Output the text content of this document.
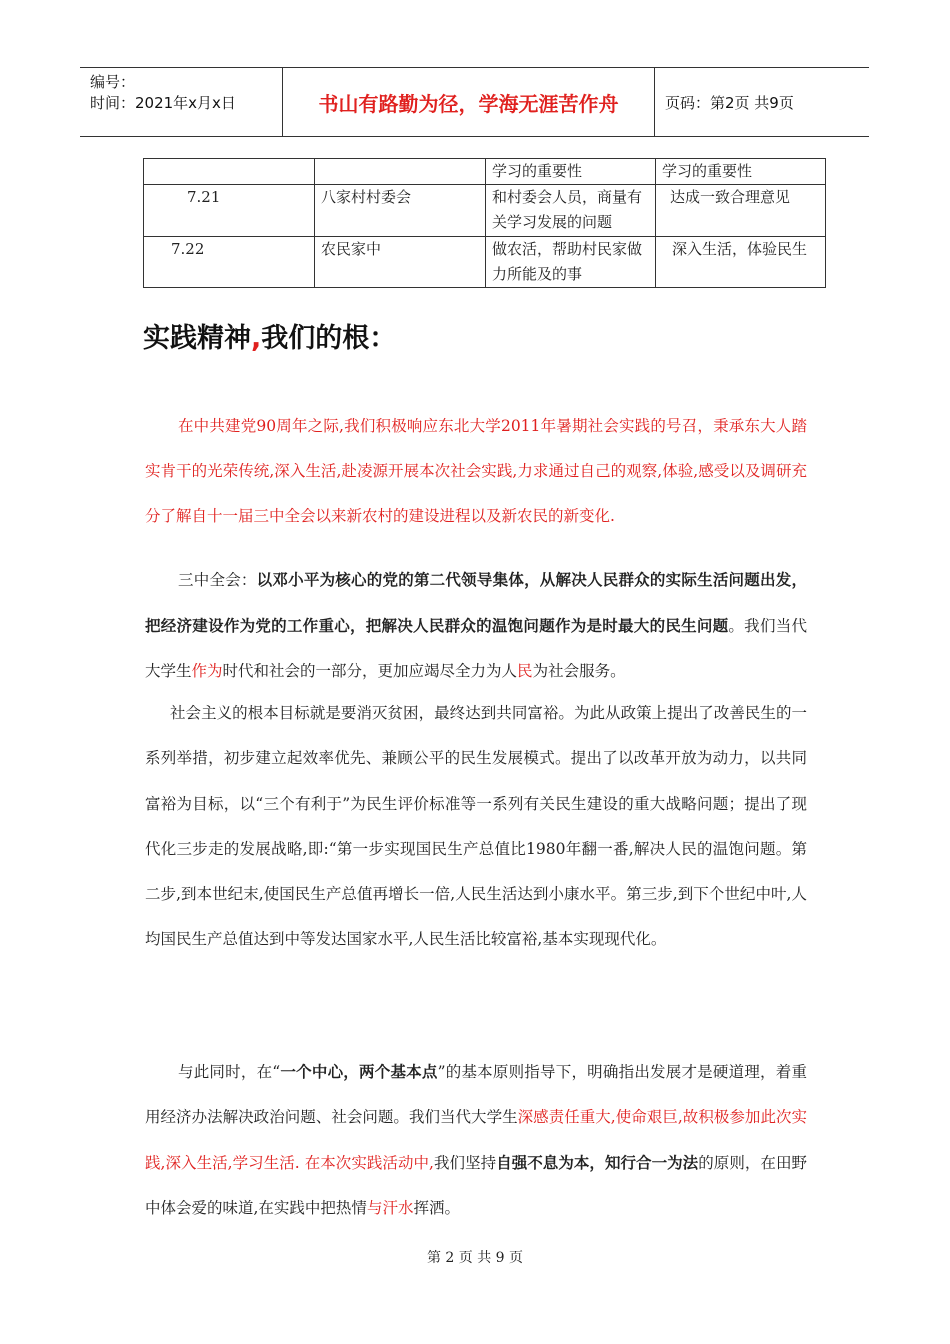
编号：
时间：2021年x月x日	书山有路勤为径，学海无涯苦作舟	页码：第2页 共9页
		学习的重要性	学习的重要性
7.21	八家村村委会	和村委会人员，商量有关学习发展的问题	达成一致合理意见
7.22	农民家中	做农活，帮助村民家做力所能及的事	深入生活，体验民生
实践精神,我们的根：
在中共建党90周年之际,我们积极响应东北大学2011年暑期社会实践的号召，秉承东大人踏实肯干的光荣传统,深入生活,赴凌源开展本次社会实践,力求通过自己的观察,体验,感受以及调研充分了解自十一届三中全会以来新农村的建设进程以及新农民的新变化.
三中全会：以邓小平为核心的党的第二代领导集体，从解决人民群众的实际生活问题出发，把经济建设作为党的工作重心，把解决人民群众的温饱问题作为是时最大的民生问题。我们当代大学生作为时代和社会的一部分，更加应竭尽全力为人民为社会服务。
社会主义的根本目标就是要消灭贫困，最终达到共同富裕。为此从政策上提出了改善民生的一系列举措，初步建立起效率优先、兼顾公平的民生发展模式。提出了以改革开放为动力，以共同富裕为目标，以“三个有利于”为民生评价标准等一系列有关民生建设的重大战略问题；提出了现代化三步走的发展战略,即:“第一步实现国民生产总值比1980年翻一番,解决人民的温饱问题。第二步,到本世纪末,使国民生产总值再增长一倍,人民生活达到小康水平。第三步,到下个世纪中叶,人均国民生产总值达到中等发达国家水平,人民生活比较富裕,基本实现现代化。
与此同时，在“一个中心，两个基本点”的基本原则指导下，明确指出发展才是硬道理，着重用经济办法解决政治问题、社会问题。我们当代大学生深感责任重大,使命艰巨,故积极参加此次实践,深入生活,学习生活. 在本次实践活动中,我们坚持自强不息为本，知行合一为法的原则，在田野中体会爱的味道,在实践中把热情与汗水挥洒。
第 2 页 共 9 页
